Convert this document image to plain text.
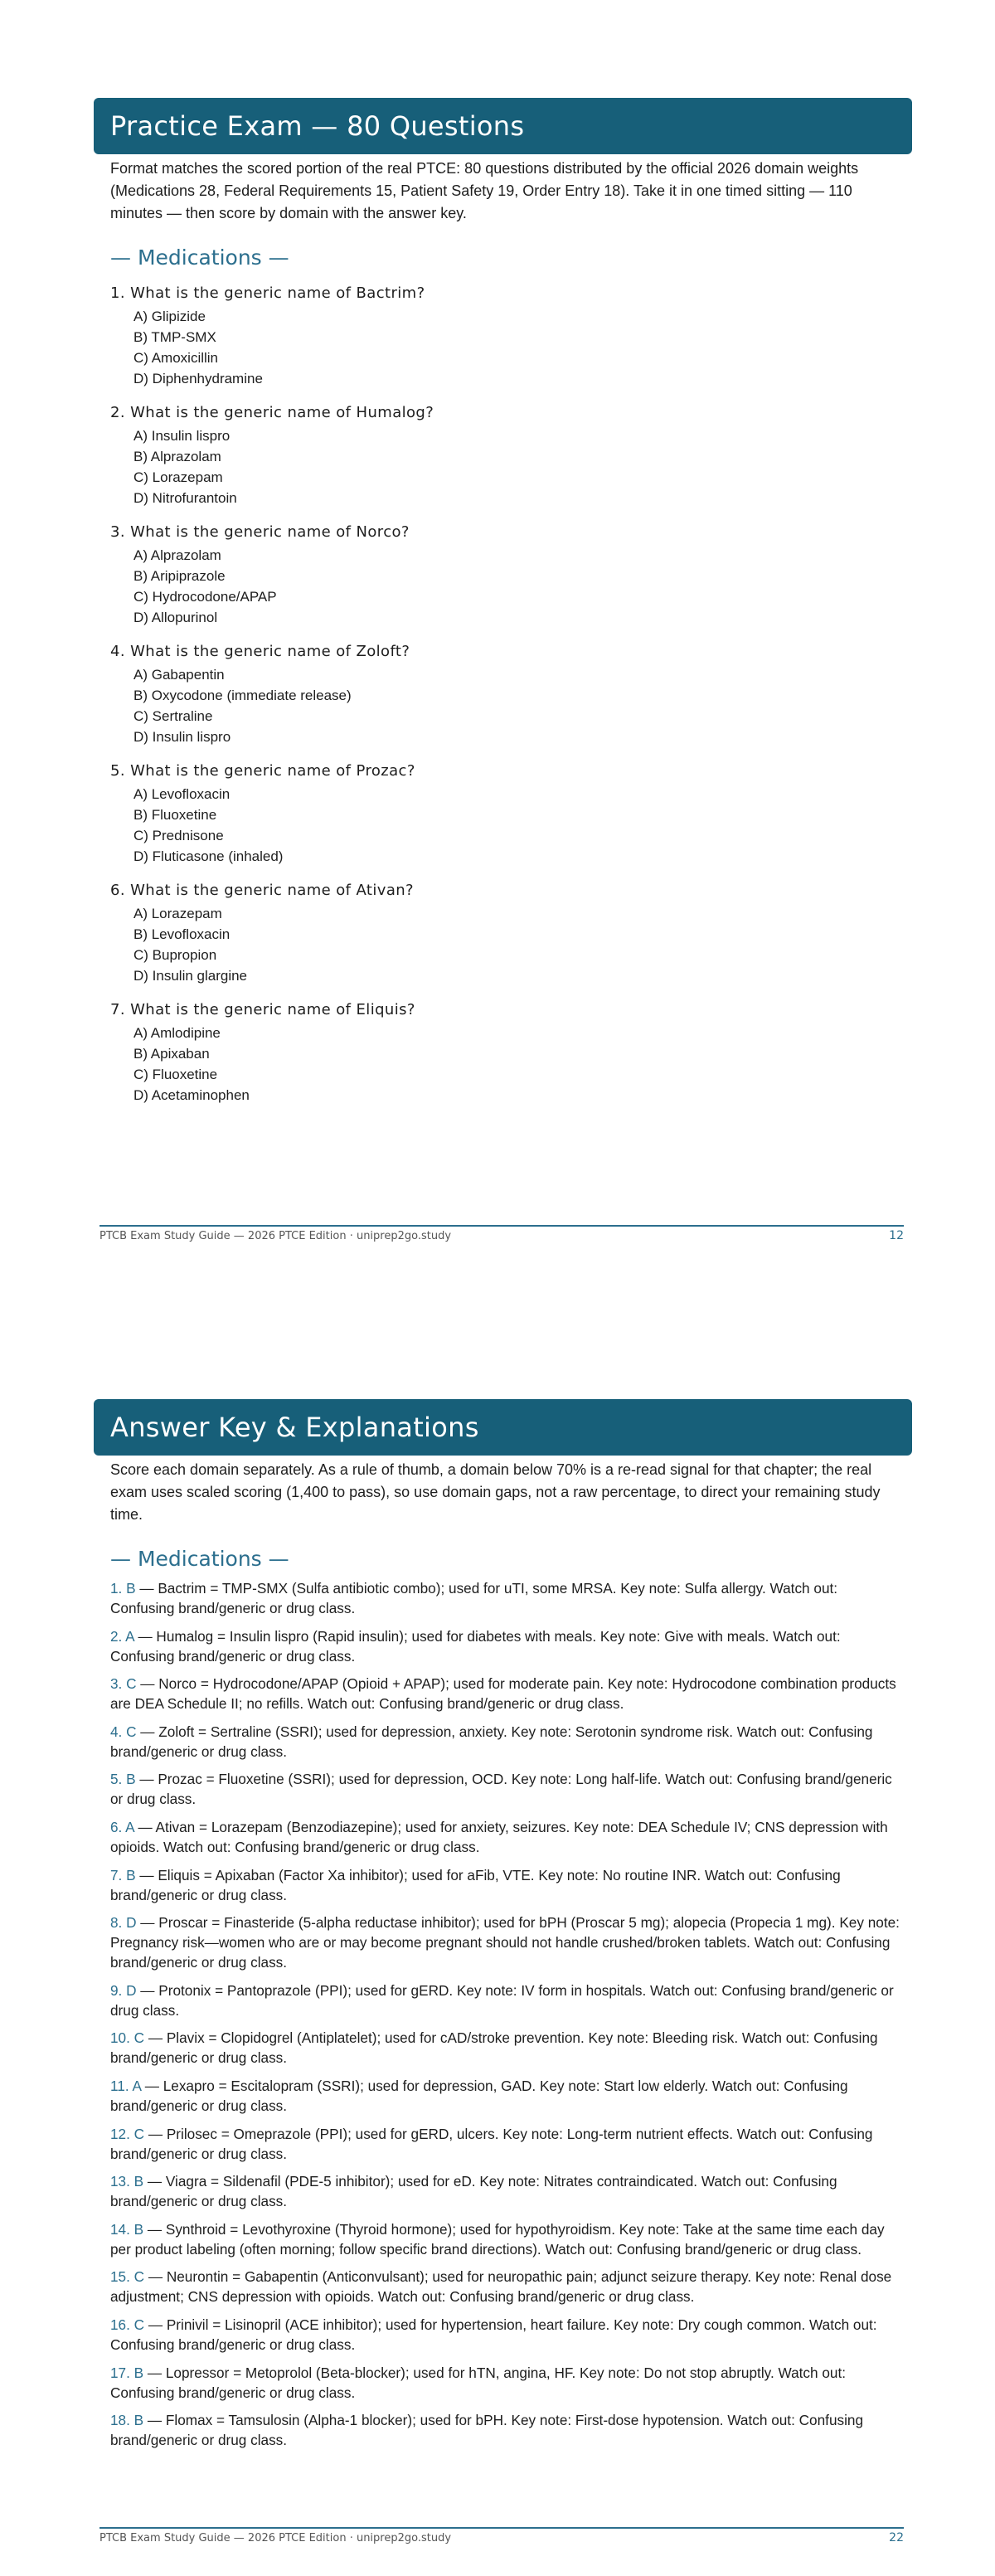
Practice Exam — 80 Questions

Format matches the scored portion of the real PTCE: 80 questions distributed by the official 2026 domain weights (Medications 28, Federal Requirements 15, Patient Safety 19, Order Entry 18). Take it in one timed sitting — 110 minutes — then score by domain with the answer key.

— Medications —

1. What is the generic name of Bactrim?

A) Glipizide
B) TMP-SMX
C) Amoxicillin
D) Diphenhydramine

2. What is the generic name of Humalog?

A) Insulin lispro
B) Alprazolam
C) Lorazepam
D) Nitrofurantoin

3. What is the generic name of Norco?

A) Alprazolam
B) Aripiprazole
C) Hydrocodone/APAP
D) Allopurinol

4. What is the generic name of Zoloft?

A) Gabapentin
B) Oxycodone (immediate release)
C) Sertraline
D) Insulin lispro

5. What is the generic name of Prozac?

A) Levofloxacin
B) Fluoxetine
C) Prednisone
D) Fluticasone (inhaled)

6. What is the generic name of Ativan?

A) Lorazepam
B) Levofloxacin
C) Bupropion
D) Insulin glargine

7. What is the generic name of Eliquis?

A) Amlodipine
B) Apixaban
C) Fluoxetine
D) Acetaminophen
PTCB Exam Study Guide — 2026 PTCE Edition · uniprep2go.study	12
Answer Key & Explanations

Score each domain separately. As a rule of thumb, a domain below 70% is a re-read signal for that chapter; the real exam uses scaled scoring (1,400 to pass), so use domain gaps, not a raw percentage, to direct your remaining study time.

— Medications —
PTCB Exam Study Guide — 2026 PTCE Edition · uniprep2go.study	22

1. B — Bactrim = TMP-SMX (Sulfa antibiotic combo); used for uTI, some MRSA. Key note: Sulfa allergy. Watch out: Confusing brand/generic or drug class.

2. A — Humalog = Insulin lispro (Rapid insulin); used for diabetes with meals. Key note: Give with meals. Watch out: Confusing brand/generic or drug class.

3. C — Norco = Hydrocodone/APAP (Opioid + APAP); used for moderate pain. Key note: Hydrocodone combination products are DEA Schedule II; no refills. Watch out: Confusing brand/generic or drug class.

4. C — Zoloft = Sertraline (SSRI); used for depression, anxiety. Key note: Serotonin syndrome risk. Watch out: Confusing brand/generic or drug class.

5. B — Prozac = Fluoxetine (SSRI); used for depression, OCD. Key note: Long half-life. Watch out: Confusing brand/generic or drug class.

6. A — Ativan = Lorazepam (Benzodiazepine); used for anxiety, seizures. Key note: DEA Schedule IV; CNS depression with opioids. Watch out: Confusing brand/generic or drug class.

7. B — Eliquis = Apixaban (Factor Xa inhibitor); used for aFib, VTE. Key note: No routine INR. Watch out: Confusing brand/generic or drug class.

8. D — Proscar = Finasteride (5-alpha reductase inhibitor); used for bPH (Proscar 5 mg); alopecia (Propecia 1 mg). Key note: Pregnancy risk—women who are or may become pregnant should not handle crushed/broken tablets. Watch out: Confusing brand/generic or drug class.

9. D — Protonix = Pantoprazole (PPI); used for gERD. Key note: IV form in hospitals. Watch out: Confusing brand/generic or drug class.

10. C — Plavix = Clopidogrel (Antiplatelet); used for cAD/stroke prevention. Key note: Bleeding risk. Watch out: Confusing brand/generic or drug class.

11. A — Lexapro = Escitalopram (SSRI); used for depression, GAD. Key note: Start low elderly. Watch out: Confusing brand/generic or drug class.

12. C — Prilosec = Omeprazole (PPI); used for gERD, ulcers. Key note: Long-term nutrient effects. Watch out: Confusing brand/generic or drug class.

13. B — Viagra = Sildenafil (PDE-5 inhibitor); used for eD. Key note: Nitrates contraindicated. Watch out: Confusing brand/generic or drug class.

14. B — Synthroid = Levothyroxine (Thyroid hormone); used for hypothyroidism. Key note: Take at the same time each day per product labeling (often morning; follow specific brand directions). Watch out: Confusing brand/generic or drug class.

15. C — Neurontin = Gabapentin (Anticonvulsant); used for neuropathic pain; adjunct seizure therapy. Key note: Renal dose adjustment; CNS depression with opioids. Watch out: Confusing brand/generic or drug class.

16. C — Prinivil = Lisinopril (ACE inhibitor); used for hypertension, heart failure. Key note: Dry cough common. Watch out: Confusing brand/generic or drug class.

17. B — Lopressor = Metoprolol (Beta-blocker); used for hTN, angina, HF. Key note: Do not stop abruptly. Watch out: Confusing brand/generic or drug class.

18. B — Flomax = Tamsulosin (Alpha-1 blocker); used for bPH. Key note: First-dose hypotension. Watch out: Confusing brand/generic or drug class.
